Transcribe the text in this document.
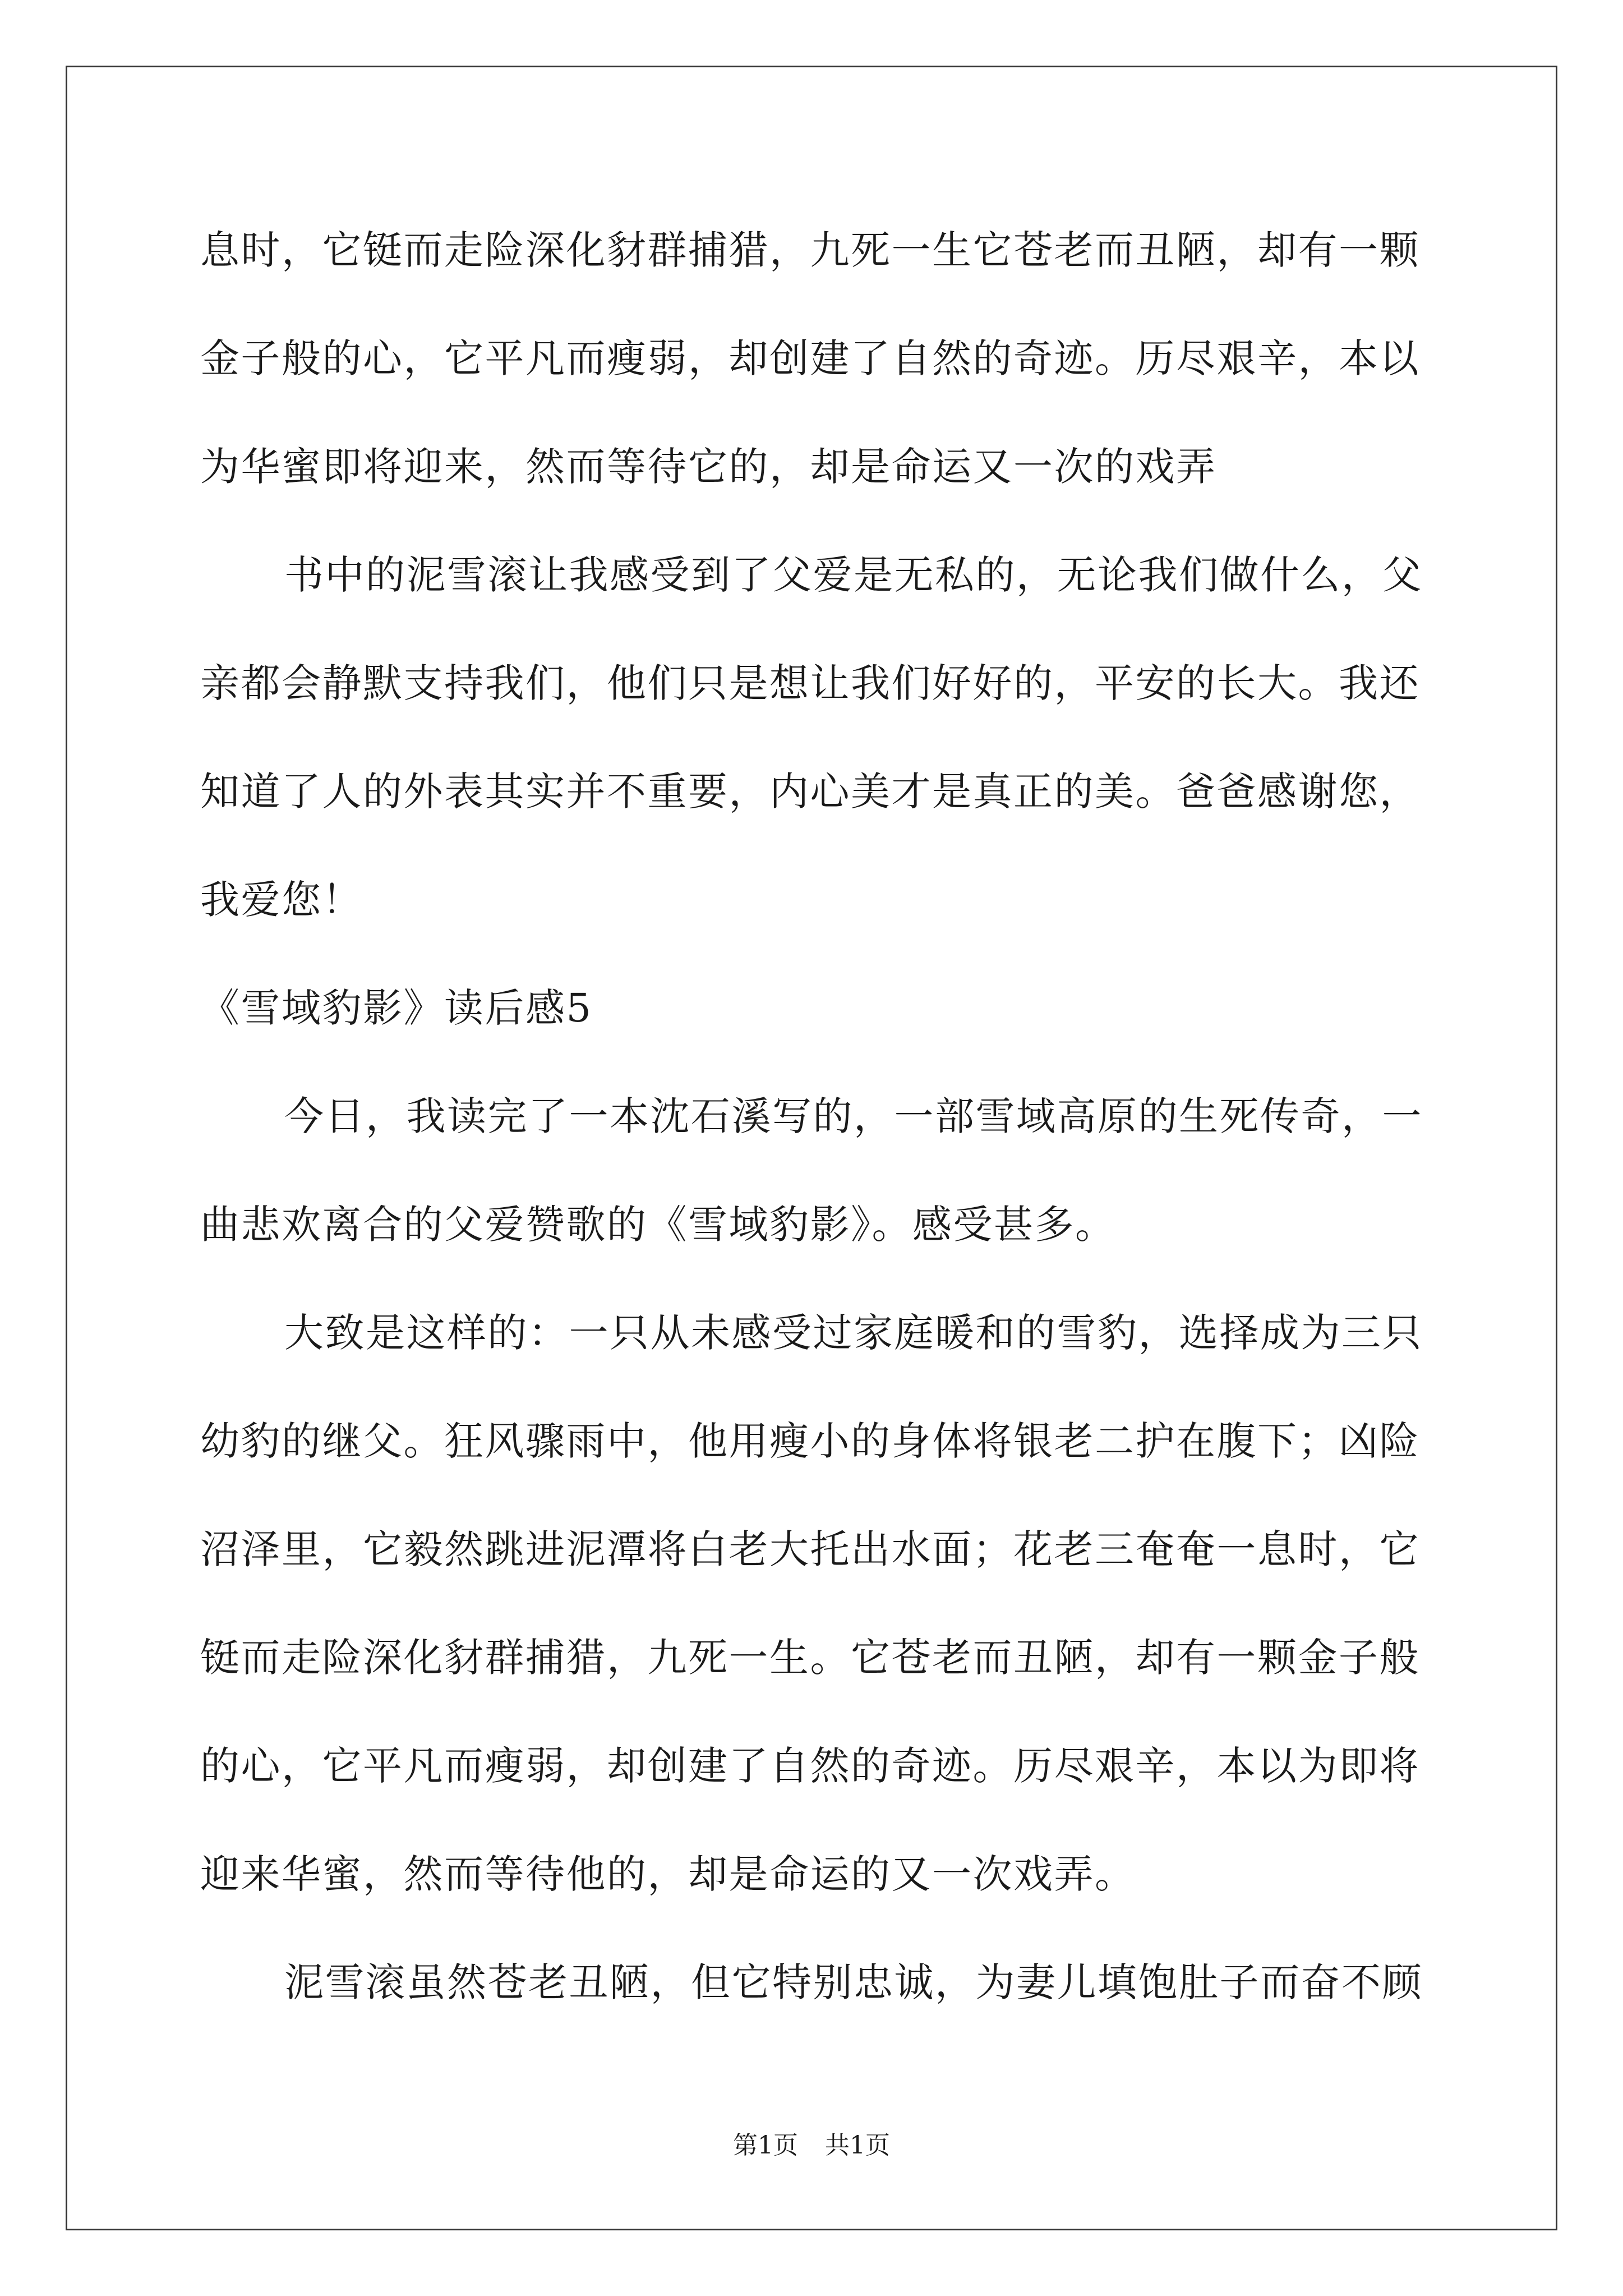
息时，它铤而走险深化豺群捕猎，九死一生它苍老而丑陋，却有一颗
金子般的心，它平凡而瘦弱，却创建了自然的奇迹。历尽艰辛，本以
为华蜜即将迎来，然而等待它的，却是命运又一次的戏弄
书中的泥雪滚让我感受到了父爱是无私的，无论我们做什么，父
亲都会静默支持我们，他们只是想让我们好好的，平安的长大。我还
知道了人的外表其实并不重要，内心美才是真正的美。爸爸感谢您，
我爱您！
《雪域豹影》读后感5
今日，我读完了一本沈石溪写的，一部雪域高原的生死传奇，一
曲悲欢离合的父爱赞歌的《雪域豹影》。感受甚多。
大致是这样的：一只从未感受过家庭暖和的雪豹，选择成为三只
幼豹的继父。狂风骤雨中，他用瘦小的身体将银老二护在腹下；凶险
沼泽里，它毅然跳进泥潭将白老大托出水面；花老三奄奄一息时，它
铤而走险深化豺群捕猎，九死一生。它苍老而丑陋，却有一颗金子般
的心，它平凡而瘦弱，却创建了自然的奇迹。历尽艰辛，本以为即将
迎来华蜜，然而等待他的，却是命运的又一次戏弄。
泥雪滚虽然苍老丑陋，但它特别忠诚，为妻儿填饱肚子而奋不顾
第1页 共1页
